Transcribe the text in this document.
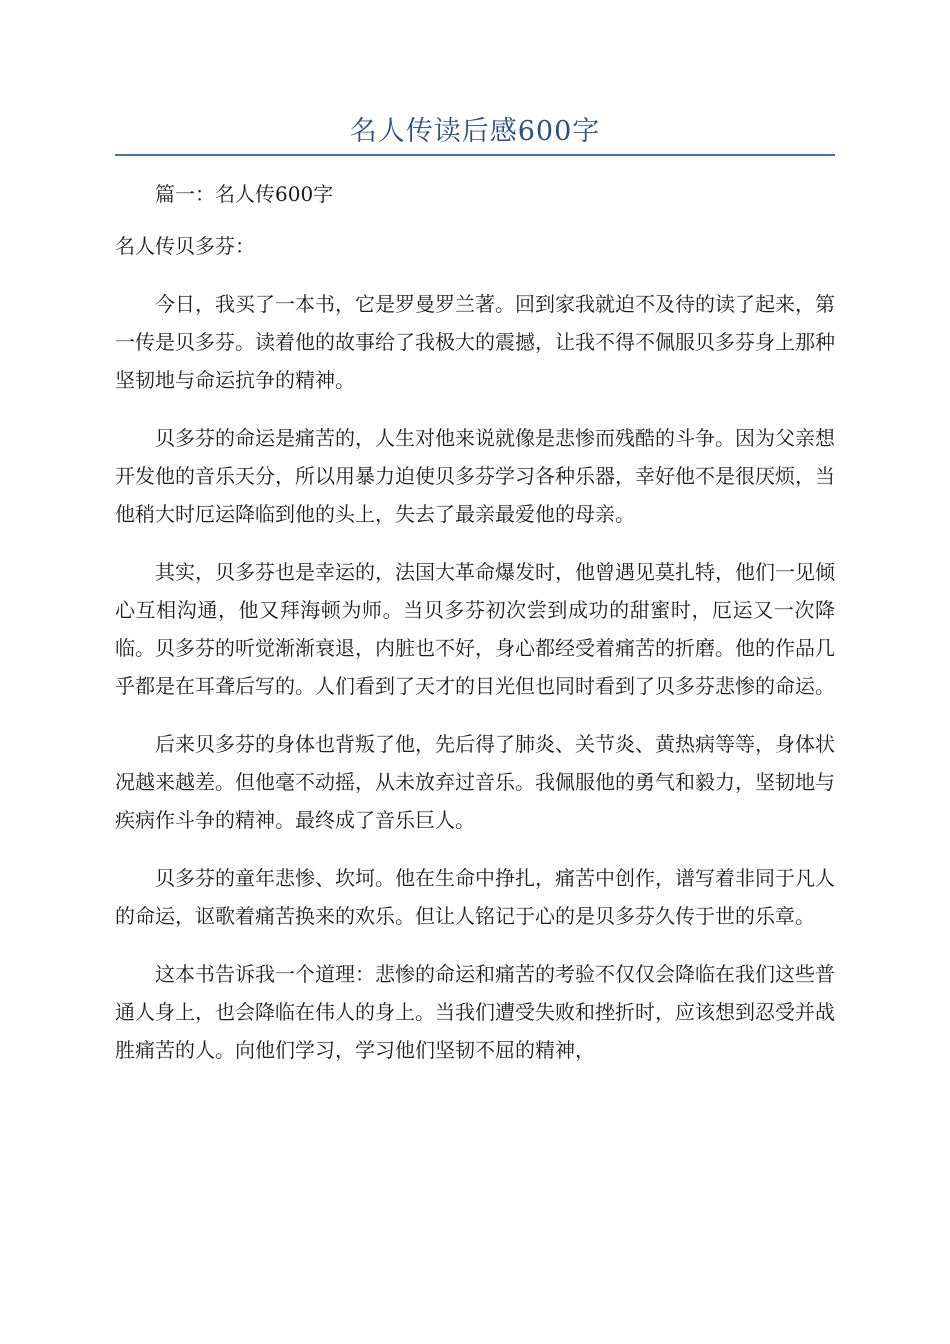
名人传读后感600字

篇一：名人传600字

名人传贝多芬：

今日，我买了一本书，它是罗曼罗兰著。回到家我就迫不及待的读了起来，第一传是贝多芬。读着他的故事给了我极大的震撼，让我不得不佩服贝多芬身上那种坚韧地与命运抗争的精神。

贝多芬的命运是痛苦的，人生对他来说就像是悲惨而残酷的斗争。因为父亲想开发他的音乐天分，所以用暴力迫使贝多芬学习各种乐器，幸好他不是很厌烦，当他稍大时厄运降临到他的头上，失去了最亲最爱他的母亲。

其实，贝多芬也是幸运的，法国大革命爆发时，他曾遇见莫扎特，他们一见倾心互相沟通，他又拜海顿为师。当贝多芬初次尝到成功的甜蜜时，厄运又一次降临。贝多芬的听觉渐渐衰退，内脏也不好，身心都经受着痛苦的折磨。他的作品几乎都是在耳聋后写的。人们看到了天才的目光但也同时看到了贝多芬悲惨的命运。

后来贝多芬的身体也背叛了他，先后得了肺炎、关节炎、黄热病等等，身体状况越来越差。但他毫不动摇，从未放弃过音乐。我佩服他的勇气和毅力，坚韧地与疾病作斗争的精神。最终成了音乐巨人。

贝多芬的童年悲惨、坎坷。他在生命中挣扎，痛苦中创作，谱写着非同于凡人的命运，讴歌着痛苦换来的欢乐。但让人铭记于心的是贝多芬久传于世的乐章。

这本书告诉我一个道理：悲惨的命运和痛苦的考验不仅仅会降临在我们这些普通人身上，也会降临在伟人的身上。当我们遭受失败和挫折时，应该想到忍受并战胜痛苦的人。向他们学习，学习他们坚韧不屈的精神，
